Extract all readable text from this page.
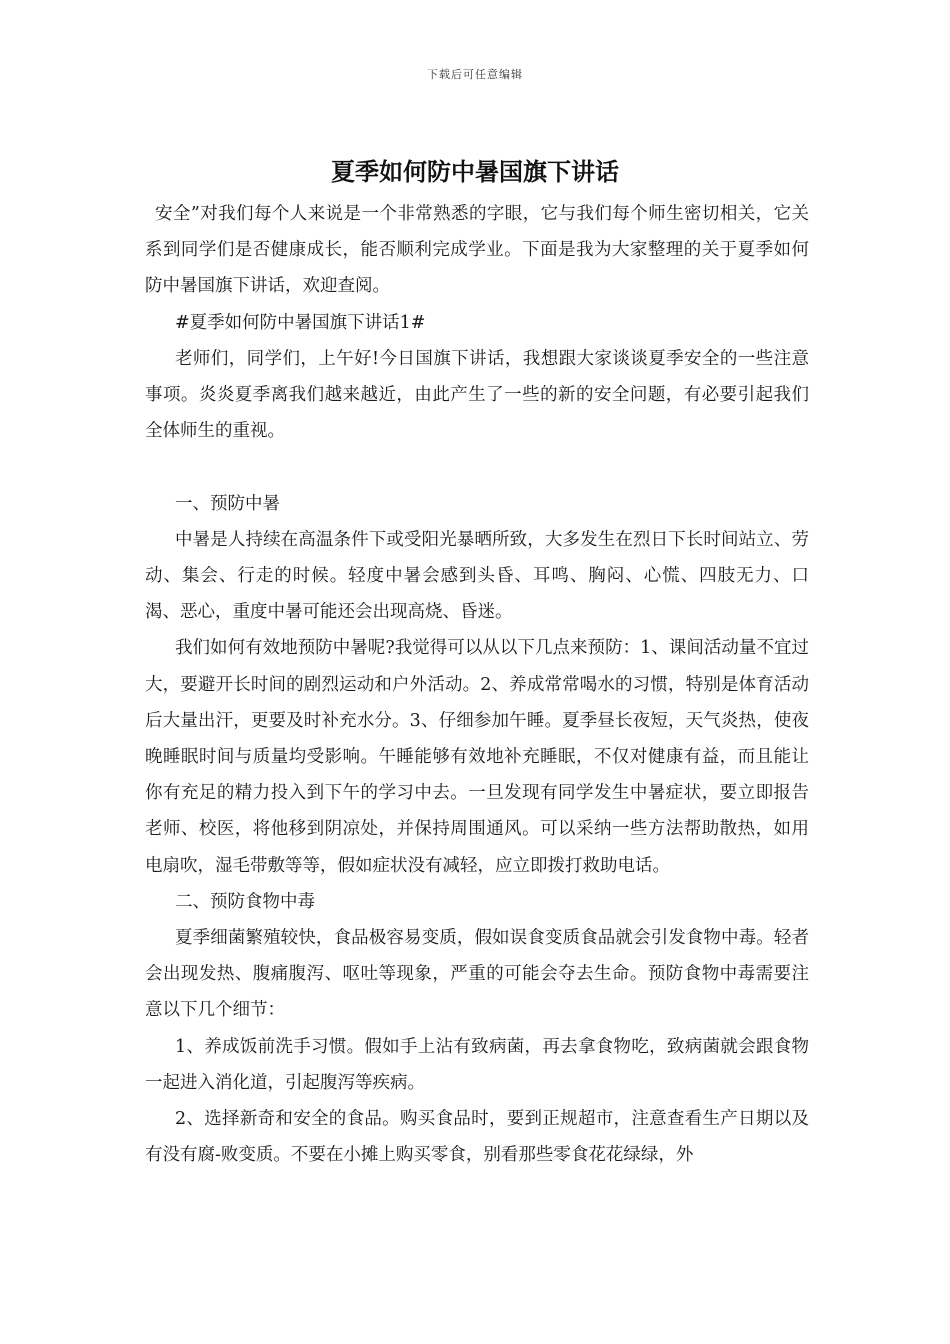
下载后可任意编辑
夏季如何防中暑国旗下讲话

安全”对我们每个人来说是一个非常熟悉的字眼，它与我们每个师生密切相关，它关系到同学们是否健康成长，能否顺利完成学业。下面是我为大家整理的关于夏季如何防中暑国旗下讲话，欢迎查阅。

#夏季如何防中暑国旗下讲话1#

老师们，同学们，上午好!今日国旗下讲话，我想跟大家谈谈夏季安全的一些注意事项。炎炎夏季离我们越来越近，由此产生了一些的新的安全问题，有必要引起我们全体师生的重视。

一、预防中暑

中暑是人持续在高温条件下或受阳光暴晒所致，大多发生在烈日下长时间站立、劳动、集会、行走的时候。轻度中暑会感到头昏、耳鸣、胸闷、心慌、四肢无力、口渴、恶心，重度中暑可能还会出现高烧、昏迷。

我们如何有效地预防中暑呢?我觉得可以从以下几点来预防：1、课间活动量不宜过大，要避开长时间的剧烈运动和户外活动。2、养成常常喝水的习惯，特别是体育活动后大量出汗，更要及时补充水分。3、仔细参加午睡。夏季昼长夜短，天气炎热，使夜晚睡眠时间与质量均受影响。午睡能够有效地补充睡眠，不仅对健康有益，而且能让你有充足的精力投入到下午的学习中去。一旦发现有同学发生中暑症状，要立即报告老师、校医，将他移到阴凉处，并保持周围通风。可以采纳一些方法帮助散热，如用电扇吹，湿毛带敷等等，假如症状没有减轻，应立即拨打救助电话。

二、预防食物中毒

夏季细菌繁殖较快，食品极容易变质，假如误食变质食品就会引发食物中毒。轻者会出现发热、腹痛腹泻、呕吐等现象，严重的可能会夺去生命。预防食物中毒需要注意以下几个细节：

1、养成饭前洗手习惯。假如手上沾有致病菌，再去拿食物吃，致病菌就会跟食物一起进入消化道，引起腹泻等疾病。

2、选择新奇和安全的食品。购买食品时，要到正规超市，注意查看生产日期以及有没有腐-败变质。不要在小摊上购买零食，别看那些零食花花绿绿，外
